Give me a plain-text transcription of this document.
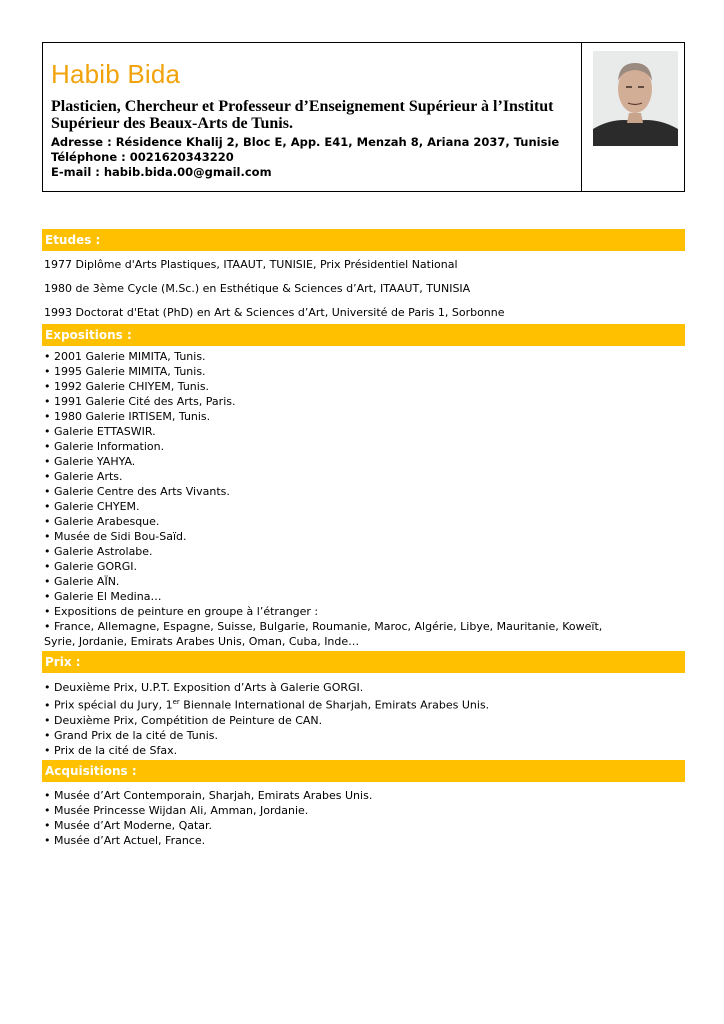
Habib Bida
Plasticien, Chercheur et Professeur d’Enseignement Supérieur à l’Institut Supérieur des Beaux-Arts de Tunis.
Adresse : Résidence Khalij 2, Bloc E, App. E41, Menzah 8, Ariana 2037, Tunisie
Téléphone : 0021620343220
E-mail : habib.bida.00@gmail.com
Etudes :
1977 Diplôme d'Arts Plastiques, ITAAUT, TUNISIE, Prix Présidentiel National
1980 de 3ème Cycle (M.Sc.) en Esthétique & Sciences d’Art, ITAAUT, TUNISIA
1993 Doctorat d'Etat (PhD) en Art & Sciences d’Art, Université de Paris 1, Sorbonne
Expositions :
• 2001 Galerie MIMITA, Tunis.
• 1995 Galerie MIMITA, Tunis.
• 1992 Galerie CHIYEM, Tunis.
• 1991 Galerie Cité des Arts, Paris.
• 1980 Galerie IRTISEM, Tunis.
• Galerie ETTASWIR.
• Galerie Information.
• Galerie YAHYA.
• Galerie Arts.
• Galerie Centre des Arts Vivants.
• Galerie CHYEM.
• Galerie Arabesque.
• Musée de Sidi Bou-Saïd.
• Galerie Astrolabe.
• Galerie GORGI.
• Galerie AÏN.
• Galerie El Medina…
• Expositions de peinture en groupe à l’étranger :
• France, Allemagne, Espagne, Suisse, Bulgarie, Roumanie, Maroc, Algérie, Libye, Mauritanie, Koweït, Syrie, Jordanie, Emirats Arabes Unis, Oman, Cuba, Inde…
Prix :
• Deuxième Prix, U.P.T. Exposition d’Arts à Galerie GORGI.
• Prix spécial du Jury, 1er Biennale International de Sharjah, Emirats Arabes Unis.
• Deuxième Prix, Compétition de Peinture de CAN.
• Grand Prix de la cité de Tunis.
• Prix de la cité de Sfax.
Acquisitions :
• Musée d’Art Contemporain, Sharjah, Emirats Arabes Unis.
• Musée Princesse Wijdan Ali, Amman, Jordanie.
• Musée d’Art Moderne, Qatar.
• Musée d’Art Actuel, France.
